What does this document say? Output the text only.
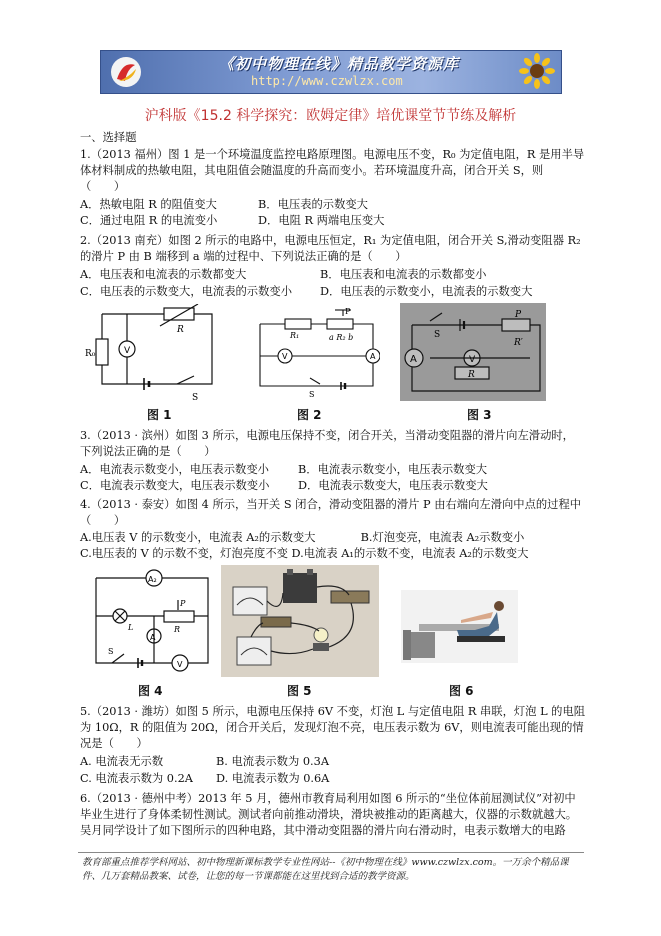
《初中物理在线》精品教学资源库
http://www.czwlzx.com
沪科版《15.2 科学探究：欧姆定律》培优课堂节节练及解析
一、选择题
1.（2013 福州）图 1 是一个环境温度监控电路原理图。电源电压不变，R₀ 为定值电阻，R 是用半导
体材料制成的热敏电阻，其电阻值会随温度的升高而变小。若环境温度升高，闭合开关 S，则
（　　）
A．热敏电阻 R 的阻值变大	B．电压表的示数变大
C．通过电阻 R 的电流变小	D．电阻 R 两端电压变大
2.（2013 南充）如图 2 所示的电路中，电源电压恒定，R₁ 为定值电阻，闭合开关 S,滑动变阻器 R₂
的滑片 P 由 B 端移到 a 端的过程中、下列说法正确的是（　　）
A．电压表和电流表的示数都变大	B．电压表和电流表的示数都变小
C．电压表的示数变大，电流表的示数变小 D．电压表的示数变小，电流表的示数变大
R₀	V
R
S
R₁	a R₂ b
P
V	A
S
A	V
R
R′
P
S
图 1	图 2	图 3
3.（2013 · 滨州）如图 3 所示，电源电压保持不变，闭合开关，当滑动变阻器的滑片向左滑动时，
下列说法正确的是（　　）
A．电流表示数变小，电压表示数变小	B．电流表示数变小，电压表示数变大
C．电流表示数变大，电压表示数变小	D．电流表示数变大，电压表示数变大
4.（2013 · 泰安）如图 4 所示，当开关 S 闭合，滑动变阻器的滑片 P 由右端向左滑向中点的过程中
（　　）
A.电压表 V 的示数变小，电流表 A₂的示数变大　　　　B.灯泡变亮，电流表 A₂示数变小
C.电压表的 V 的示数不变，灯泡亮度不变 D.电流表 A₁的示数不变，电流表 A₂的示数变大
A₂
A
V
P
R
L
S
图 4	图 5	图 6
5.（2013 · 潍坊）如图 5 所示，电源电压保持 6V 不变，灯泡 L 与定值电阻 R 串联，灯泡 L 的电阻
为 10Ω，R 的阻值为 20Ω，闭合开关后，发现灯泡不亮，电压表示数为 6V，则电流表可能出现的情
况是（　　）
A. 电流表无示数	B. 电流表示数为 0.3A
C. 电流表示数为 0.2A D. 电流表示数为 0.6A
6.（2013 · 德州中考）2013 年 5 月，德州市教育局利用如图 6 所示的“坐位体前屈测试仪”对初中
毕业生进行了身体柔韧性测试。测试者向前推动滑块，滑块被推动的距离越大，仪器的示数就越大。
吴月同学设计了如下图所示的四种电路，其中滑动变阻器的滑片向右滑动时，电表示数增大的电路
教育部重点推荐学科网站、初中物理新课标教学专业性网站--《初中物理在线》www.czwlzx.com。一万余个精品课件、几万套精品教案、试卷，让您的每一节课都能在这里找到合适的教学资源。
